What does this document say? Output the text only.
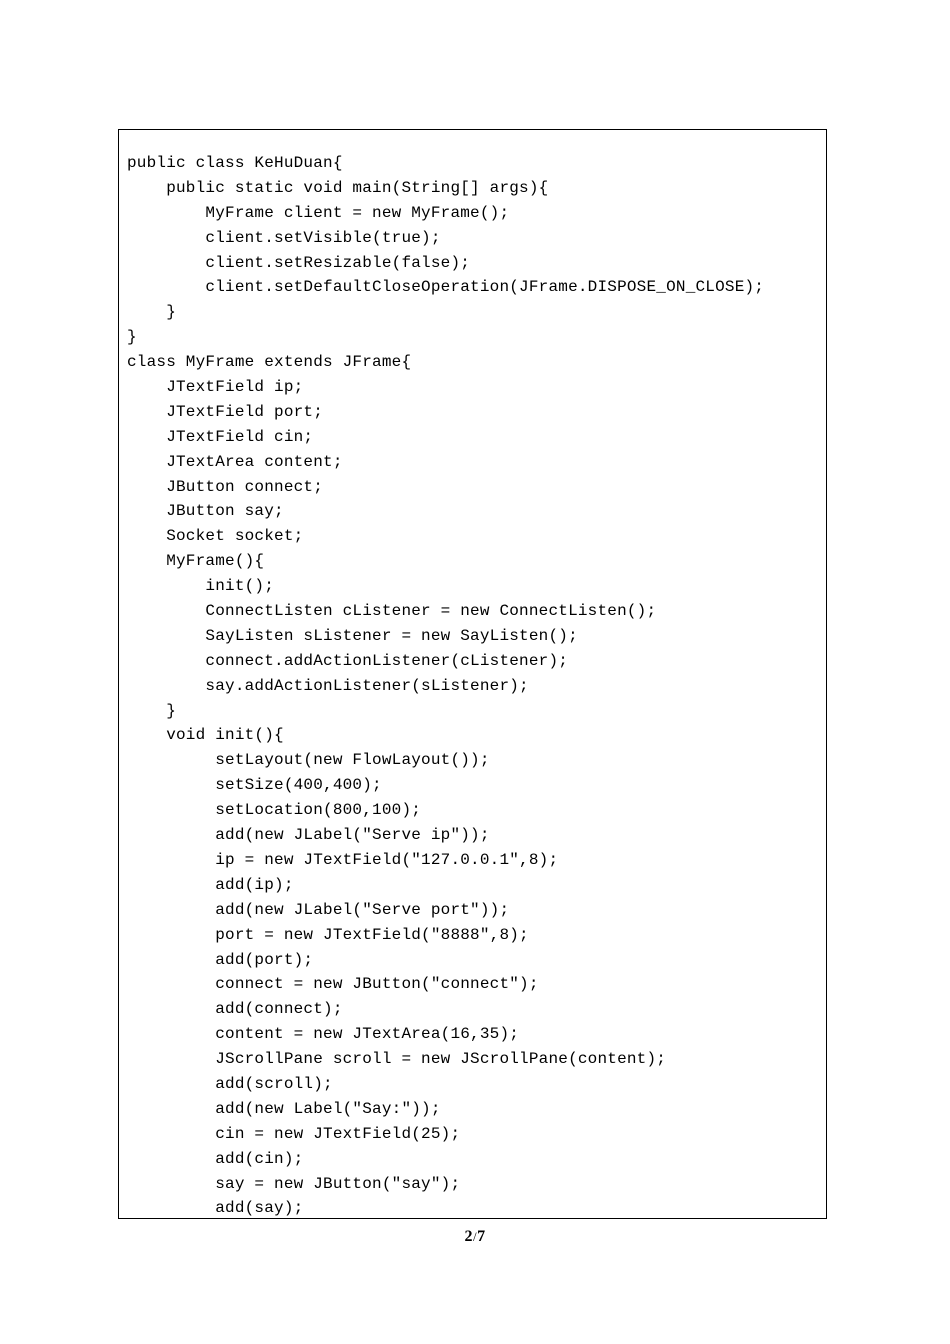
public class KeHuDuan{
public static void main(String[] args){
MyFrame client = new MyFrame();
client.setVisible(true);
client.setResizable(false);
client.setDefaultCloseOperation(JFrame.DISPOSE_ON_CLOSE);
}
}
class MyFrame extends JFrame{
JTextField ip;
JTextField port;
JTextField cin;
JTextArea content;
JButton connect;
JButton say;
Socket socket;
MyFrame(){
init();
ConnectListen cListener = new ConnectListen();
SayListen sListener = new SayListen();
connect.addActionListener(cListener);
say.addActionListener(sListener);
}
void init(){
setLayout(new FlowLayout());
setSize(400,400);
setLocation(800,100);
add(new JLabel("Serve ip"));
ip = new JTextField("127.0.0.1",8);
add(ip);
add(new JLabel("Serve port"));
port = new JTextField("8888",8);
add(port);
connect = new JButton("connect");
add(connect);
content = new JTextArea(16,35);
JScrollPane scroll = new JScrollPane(content);
add(scroll);
add(new Label("Say:"));
cin = new JTextField(25);
add(cin);
say = new JButton("say");
add(say);
2/7
